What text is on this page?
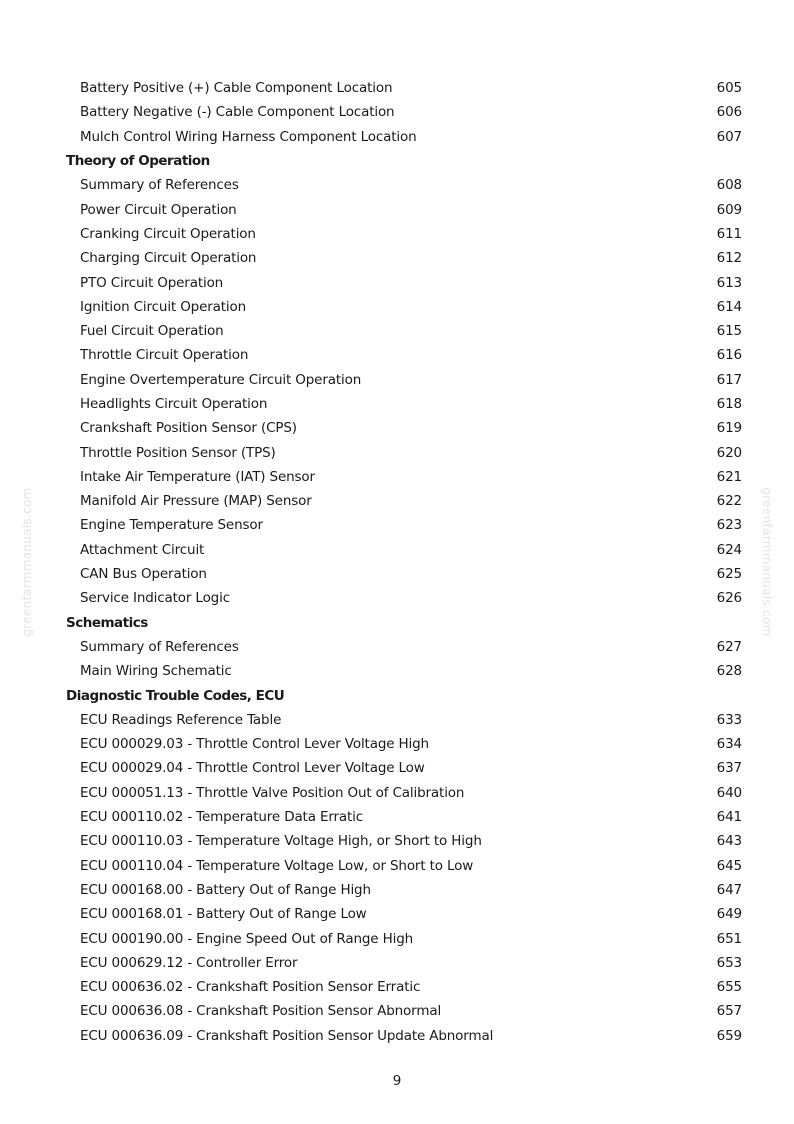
greenfarmmanuals.com	greenfarmmanuals.com
Battery Positive (+) Cable Component Location	605
Battery Negative (-) Cable Component Location	606
Mulch Control Wiring Harness Component Location	607
Theory of Operation
Summary of References	608
Power Circuit Operation	609
Cranking Circuit Operation	611
Charging Circuit Operation	612
PTO Circuit Operation	613
Ignition Circuit Operation	614
Fuel Circuit Operation	615
Throttle Circuit Operation	616
Engine Overtemperature Circuit Operation	617
Headlights Circuit Operation	618
Crankshaft Position Sensor (CPS)	619
Throttle Position Sensor (TPS)	620
Intake Air Temperature (IAT) Sensor	621
Manifold Air Pressure (MAP) Sensor	622
Engine Temperature Sensor	623
Attachment Circuit	624
CAN Bus Operation	625
Service Indicator Logic	626
Schematics
Summary of References	627
Main Wiring Schematic	628
Diagnostic Trouble Codes, ECU
ECU Readings Reference Table	633
ECU 000029.03 - Throttle Control Lever Voltage High	634
ECU 000029.04 - Throttle Control Lever Voltage Low	637
ECU 000051.13 - Throttle Valve Position Out of Calibration	640
ECU 000110.02 - Temperature Data Erratic	641
ECU 000110.03 - Temperature Voltage High, or Short to High	643
ECU 000110.04 - Temperature Voltage Low, or Short to Low	645
ECU 000168.00 - Battery Out of Range High	647
ECU 000168.01 - Battery Out of Range Low	649
ECU 000190.00 - Engine Speed Out of Range High	651
ECU 000629.12 - Controller Error	653
ECU 000636.02 - Crankshaft Position Sensor Erratic	655
ECU 000636.08 - Crankshaft Position Sensor Abnormal	657
ECU 000636.09 - Crankshaft Position Sensor Update Abnormal	659
9
